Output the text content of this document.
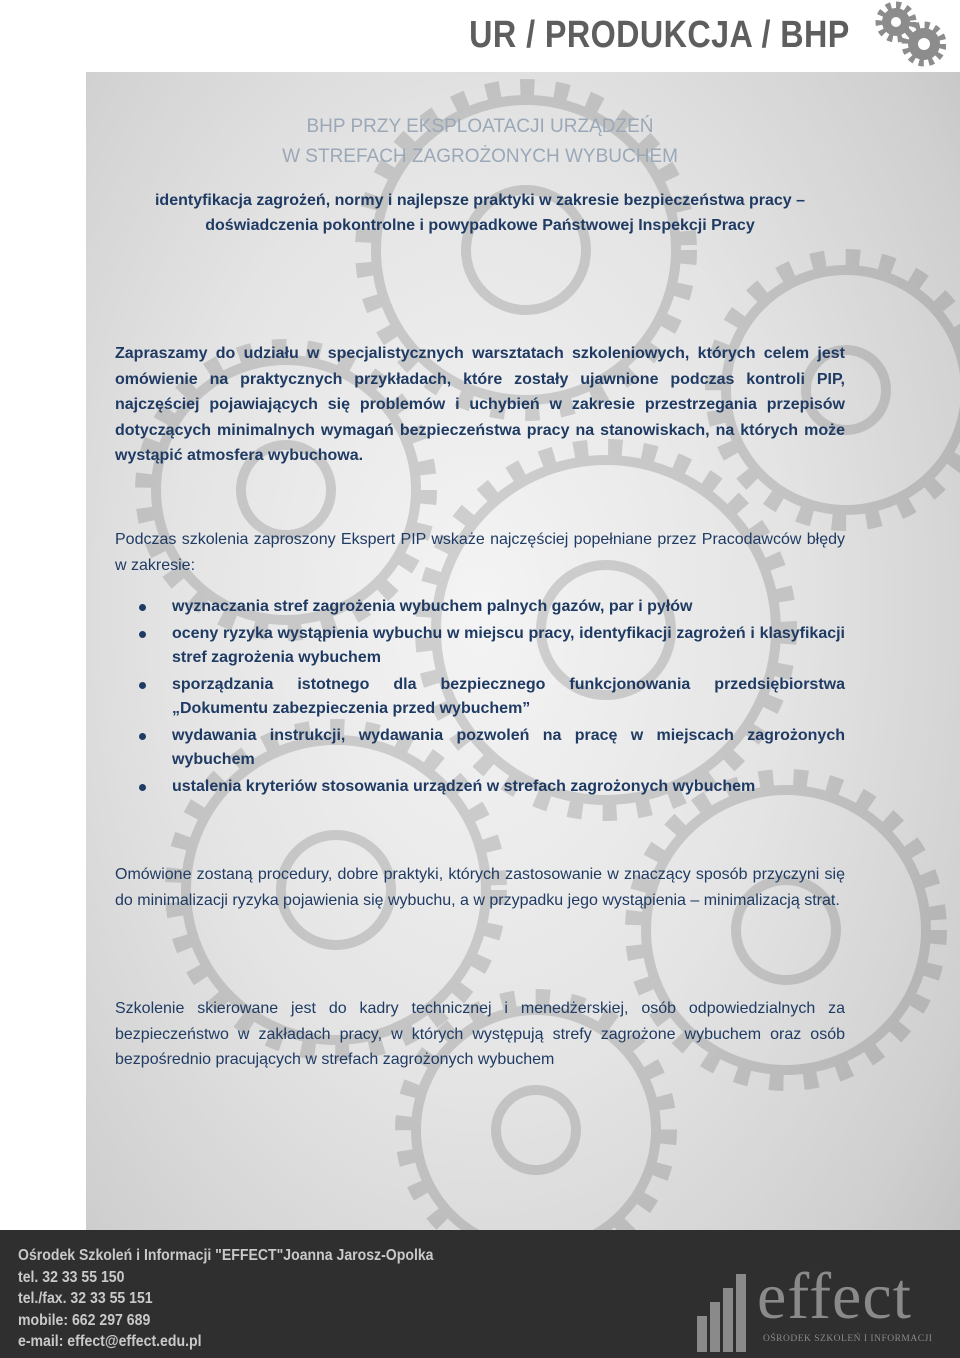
UR / PRODUKCJA / BHP
BHP PRZY EKSPLOATACJI URZĄDZEŃ
W STREFACH ZAGROŻONYCH WYBUCHEM
identyfikacja zagrożeń, normy i najlepsze praktyki w zakresie bezpieczeństwa pracy –
doświadczenia pokontrolne i powypadkowe Państwowej Inspekcji Pracy
Zapraszamy do udziału w specjalistycznych warsztatach szkoleniowych, których celem jest omówienie na praktycznych przykładach, które zostały ujawnione podczas kontroli PIP, najczęściej pojawiających się problemów i uchybień w zakresie przestrzegania przepisów dotyczących minimalnych wymagań bezpieczeństwa pracy na stanowiskach, na których może wystąpić atmosfera wybuchowa.
Podczas szkolenia zaproszony Ekspert PIP wskaże najczęściej popełniane przez Pracodawców błędy w zakresie:
wyznaczania stref zagrożenia wybuchem palnych gazów, par i pyłów
oceny ryzyka wystąpienia wybuchu w miejscu pracy, identyfikacji zagrożeń i klasyfikacji stref zagrożenia wybuchem
sporządzania istotnego dla bezpiecznego funkcjonowania przedsiębiorstwa „Dokumentu zabezpieczenia przed wybuchem”
wydawania instrukcji, wydawania pozwoleń na pracę w miejscach zagrożonych wybuchem
ustalenia kryteriów stosowania urządzeń w strefach zagrożonych wybuchem
Omówione zostaną procedury, dobre praktyki, których zastosowanie w znaczący sposób przyczyni się do minimalizacji ryzyka pojawienia się wybuchu, a w przypadku jego wystąpienia – minimalizacją strat.
Szkolenie skierowane jest do kadry technicznej i menedżerskiej, osób odpowiedzialnych za bezpieczeństwo w zakładach pracy, w których występują strefy zagrożone wybuchem oraz osób bezpośrednio pracujących w strefach zagrożonych wybuchem
Ośrodek Szkoleń i Informacji "EFFECT"Joanna Jarosz-Opolka
tel. 32 33 55 150
tel./fax. 32 33 55 151
mobile: 662 297 689
e-mail: effect@effect.edu.pl
effect
OŚRODEK SZKOLEŃ I INFORMACJI
